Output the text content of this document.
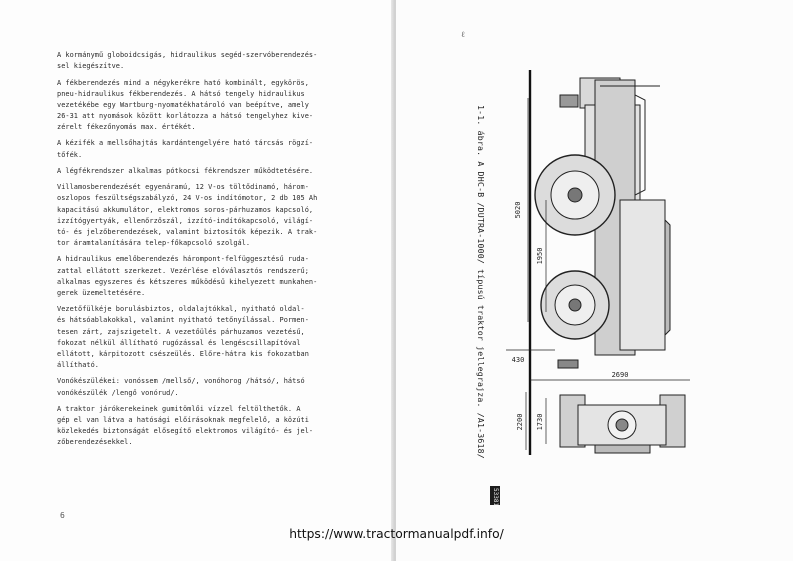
A kormánymű globoidcsigás, hidraulikus segéd-szervóberendezés-
sel kiegészítve.

A fékberendezés mind a négykerékre ható kombinált, egykörös,
pneu-hidraulikus fékberendezés. A hátsó tengely hidraulikus
vezetékébe egy Wartburg-nyomatékhatároló van beépítve, amely
26-31 att nyomások között korlátozza a hátsó tengelyhez kive-
zérelt fékezőnyomás max. értékét.

A kézifék a mellsőhajtás kardántengelyére ható tárcsás rögzí-
tőfék.

A légfékrendszer alkalmas pótkocsi fékrendszer működtetésére.

Villamosberendezését egyenáramú, 12 V-os töltődinamó, három-
oszlopos feszültségszabályzó, 24 V-os indítómotor, 2 db 105 Ah
kapacitású akkumulátor, elektromos soros-párhuzamos kapcsoló,
izzítógyertyák, ellenőrzőszál, izzító-indítókapcsoló, világí-
tó- és jelzőberendezések, valamint biztosítók képezik. A trak-
tor áramtalanítására telep-főkapcsoló szolgál.

A hidraulikus emelőberendezés hárompont-felfüggesztésű ruda-
zattal ellátott szerkezet. Vezérlése elóválasztós rendszerű;
alkalmas egyszeres és kétszeres működésű kihelyezett munkahen-
gerek üzemeltetésére.

Vezetőfülkéje borulásbiztos, oldalajtókkal, nyitható oldal-
és hátsóablakokkal, valamint nyitható tetőnyílással. Pormen-
tesen zárt, zajszigetelt. A vezetőülés párhuzamos vezetésű,
fokozat nélkül állítható rugózással és lengéscsillapítóval
ellátott, kárpitozott csészeülés. Előre-hátra kis fokozatban
állítható.

Vonókészülékei: vonóssem /mellső/, vonóhorog /hátsó/, hátsó
vonókészülék /lengő vonórud/.

A traktor járókerekeinek gumitömlői vízzel feltölthetők. A
gép el van látva a hatósági előírásoknak megfelelő, a közúti
közlekedés biztonságát elősegítő elektromos világító- és jel-
zőberendezésekkel.

6
ℓ
1-1. ábra. A DHC-B /DUTRA-1000/ típusú traktor jellegrajza. /A1-3618/
53381
5020
1950
430
2690
1730
2200
https://www.tractormanualpdf.info/
